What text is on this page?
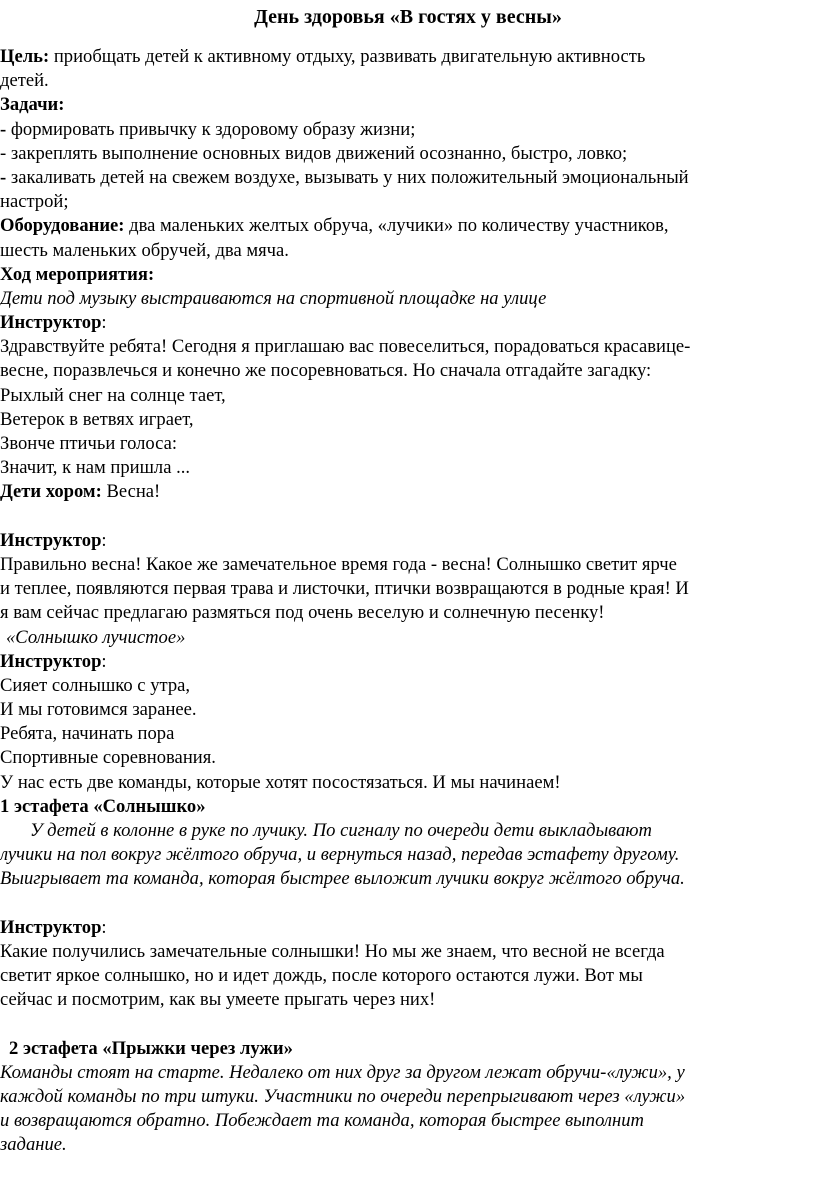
День здоровья «В гостях у весны»
Цель: приобщать детей к активному отдыху, развивать двигательную активность
детей.
Задачи:
- формировать привычку к здоровому образу жизни;
- закреплять выполнение основных видов движений осознанно, быстро, ловко;
- закаливать детей на свежем воздухе, вызывать у них положительный эмоциональный
настрой;
Оборудование: два маленьких желтых обруча, «лучики» по количеству участников,
шесть маленьких обручей, два мяча.
Ход мероприятия:
Дети под музыку выстраиваются на спортивной площадке на улице
Инструктор:
Здравствуйте ребята! Сегодня я приглашаю вас повеселиться, порадоваться красавице-
весне, поразвлечься и конечно же посоревноваться. Но сначала отгадайте загадку:
Рыхлый снег на солнце тает,
Ветерок в ветвях играет,
Звонче птичьи голоса:
Значит, к нам пришла ...
Дети хором: Весна!
Инструктор:
Правильно весна! Какое же замечательное время года - весна! Солнышко светит ярче
и теплее, появляются первая трава и листочки, птички возвращаются в родные края! И
я вам сейчас предлагаю размяться под очень веселую и солнечную песенку!
«Солнышко лучистое»
Инструктор:
Сияет солнышко с утра,
И мы готовимся заранее.
Ребята, начинать пора
Спортивные соревнования.
У нас есть две команды, которые хотят посостязаться. И мы начинаем!
1 эстафета «Солнышко»
У детей в колонне в руке по лучику. По сигналу по очереди дети выкладывают
лучики на пол вокруг жёлтого обруча, и вернуться назад, передав эстафету другому.
Выигрывает та команда, которая быстрее выложит лучики вокруг жёлтого обруча.
Инструктор:
Какие получились замечательные солнышки! Но мы же знаем, что весной не всегда
светит яркое солнышко, но и идет дождь, после которого остаются лужи. Вот мы
сейчас и посмотрим, как вы умеете прыгать через них!
2 эстафета «Прыжки через лужи»
Команды стоят на старте. Недалеко от них друг за другом лежат обручи-«лужи», у
каждой команды по три штуки. Участники по очереди перепрыгивают через «лужи»
и возвращаются обратно. Побеждает та команда, которая быстрее выполнит
задание.
